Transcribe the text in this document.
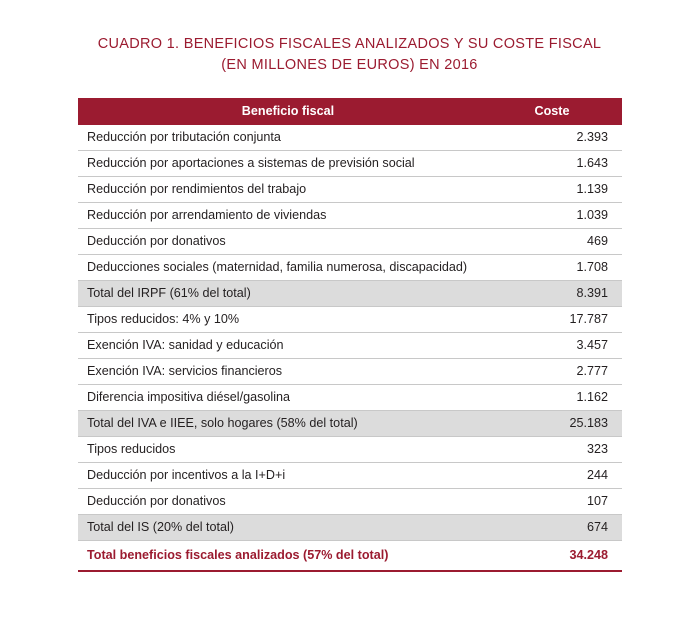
CUADRO 1. BENEFICIOS FISCALES ANALIZADOS Y SU COSTE FISCAL
(EN MILLONES DE EUROS) EN 2016
Beneficio fiscal	Coste
Reducción por tributación conjunta	2.393
Reducción por aportaciones a sistemas de previsión social	1.643
Reducción por rendimientos del trabajo	1.139
Reducción por arrendamiento de viviendas	1.039
Deducción por donativos	469
Deducciones sociales (maternidad, familia numerosa, discapacidad)	1.708
Total del IRPF (61% del total)	8.391
Tipos reducidos: 4% y 10%	17.787
Exención IVA: sanidad y educación	3.457
Exención IVA: servicios financieros	2.777
Diferencia impositiva diésel/gasolina	1.162
Total del IVA e IIEE, solo hogares (58% del total)	25.183
Tipos reducidos	323
Deducción por incentivos a la I+D+i	244
Deducción por donativos	107
Total del IS (20% del total)	674
Total beneficios fiscales analizados (57% del total)	34.248
